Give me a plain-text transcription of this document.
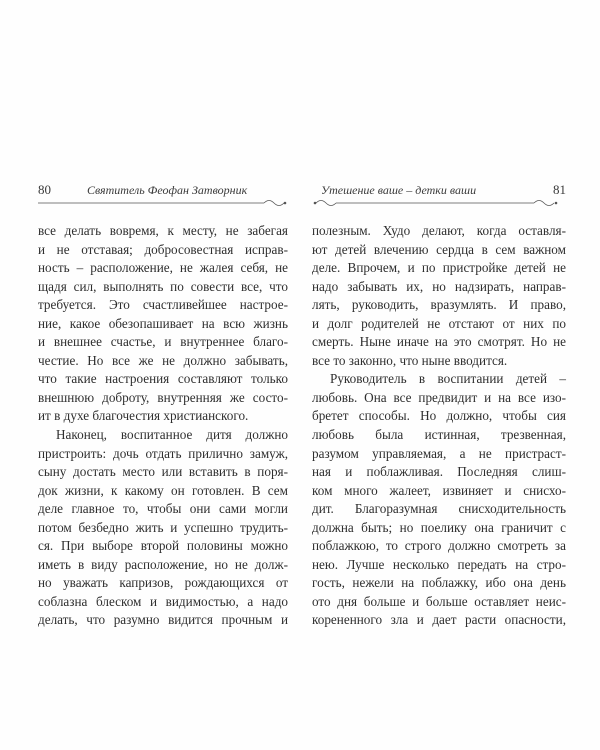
80	Святитель Феофан Затворник
все делать вовремя, к месту, не забегая
и не отставая; добросовестная исправ-
ность – расположение, не жалея себя, не
щадя сил, выполнять по совести все, что
требуется. Это счастливейшее настрое-
ние, какое обезопашивает на всю жизнь
и внешнее счастье, и внутреннее благо-
честие. Но все же не должно забывать,
что такие настроения составляют только
внешнюю доброту, внутренняя же состо-
ит в духе благочестия христианского.
Наконец, воспитанное дитя должно
пристроить: дочь отдать прилично замуж,
сыну достать место или вставить в поря-
док жизни, к какому он готовлен. В сем
деле главное то, чтобы они сами могли
потом безбедно жить и успешно трудить-
ся. При выборе второй половины можно
иметь в виду расположение, но не долж-
но уважать капризов, рождающихся от
соблазна блеском и видимостью, а надо
делать, что разумно видится прочным и
Утешение ваше – детки ваши	81
полезным. Худо делают, когда оставля-
ют детей влечению сердца в сем важном
деле. Впрочем, и по пристройке детей не
надо забывать их, но надзирать, направ-
лять, руководить, вразумлять. И право,
и долг родителей не отстают от них по
смерть. Ныне иначе на это смотрят. Но не
все то законно, что ныне вводится.
Руководитель в воспитании детей –
любовь. Она все предвидит и на все изо-
бретет способы. Но должно, чтобы сия
любовь была истинная, трезвенная,
разумом управляемая, а не пристраст-
ная и поблажливая. Последняя слиш-
ком много жалеет, извиняет и снисхо-
дит. Благоразумная снисходительность
должна быть; но поелику она граничит с
поблажкою, то строго должно смотреть за
нею. Лучше несколько передать на стро-
гость, нежели на поблажку, ибо она день
ото дня больше и больше оставляет неис-
корененного зла и дает расти опасности,
